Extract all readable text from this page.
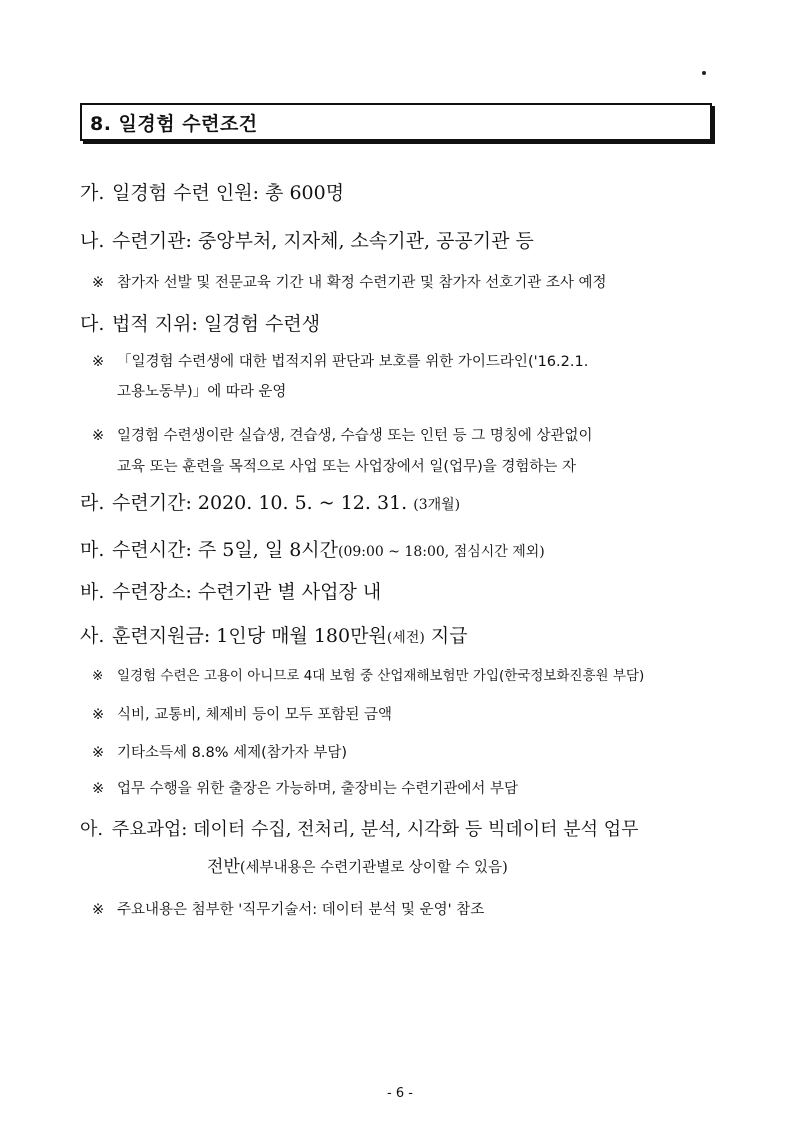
8. 일경험 수련조건
가. 일경험 수련 인원: 총 600명
나. 수련기관: 중앙부처, 지자체, 소속기관, 공공기관 등
※ 참가자 선발 및 전문교육 기간 내 확정 수련기관 및 참가자 선호기관 조사 예정
다. 법적 지위: 일경험 수련생
※ 「일경험 수련생에 대한 법적지위 판단과 보호를 위한 가이드라인('16.2.1.
고용노동부)」에 따라 운영
※ 일경험 수련생이란 실습생, 견습생, 수습생 또는 인턴 등 그 명칭에 상관없이
교육 또는 훈련을 목적으로 사업 또는 사업장에서 일(업무)을 경험하는 자
라. 수련기간: 2020. 10. 5. ~ 12. 31. (3개월)
마. 수련시간: 주 5일, 일 8시간(09:00 ~ 18:00, 점심시간 제외)
바. 수련장소: 수련기관 별 사업장 내
사. 훈련지원금: 1인당 매월 180만원(세전) 지급
※ 일경험 수련은 고용이 아니므로 4대 보험 중 산업재해보험만 가입(한국정보화진흥원 부담)
※ 식비, 교통비, 체제비 등이 모두 포함된 금액
※ 기타소득세 8.8% 세제(참가자 부담)
※ 업무 수행을 위한 출장은 가능하며, 출장비는 수련기관에서 부담
아. 주요과업: 데이터 수집, 전처리, 분석, 시각화 등 빅데이터 분석 업무
전반(세부내용은 수련기관별로 상이할 수 있음)
※ 주요내용은 첨부한 '직무기술서: 데이터 분석 및 운영' 참조
- 6 -
